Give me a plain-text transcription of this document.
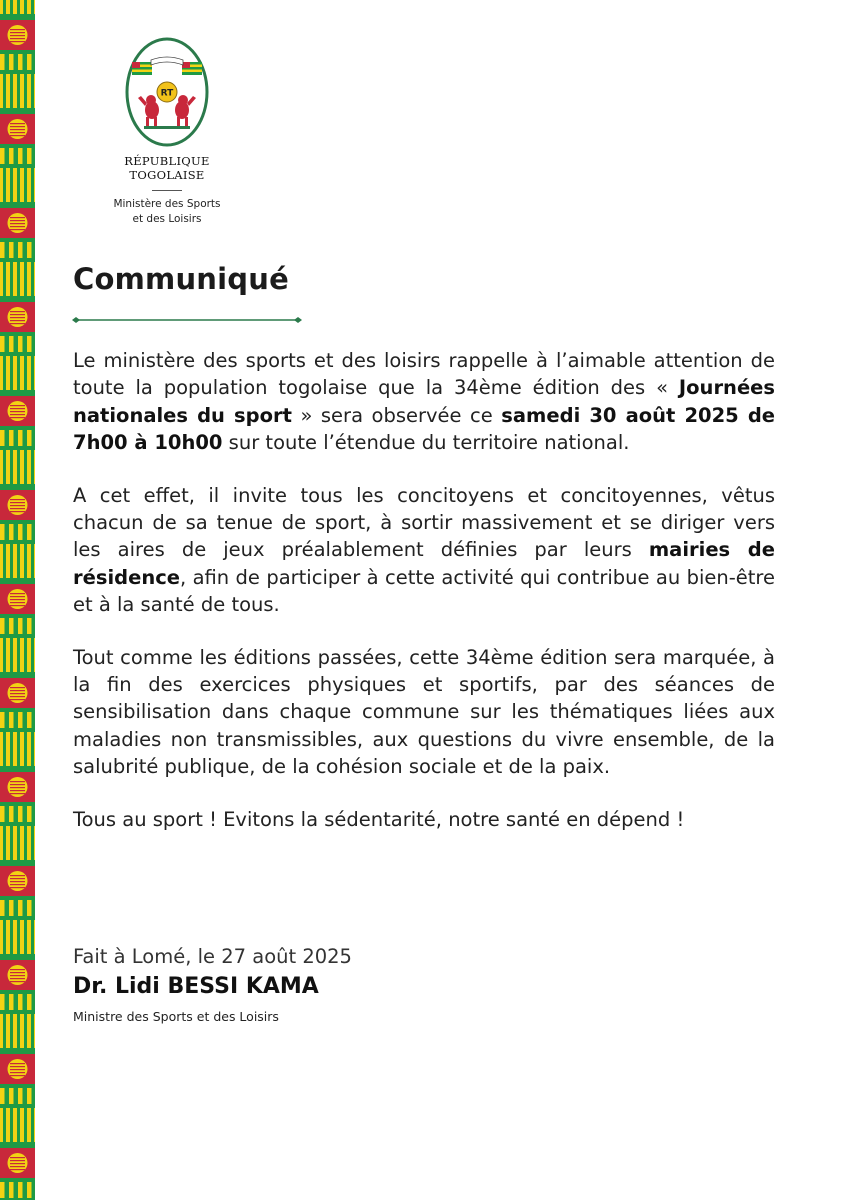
RT
RÉPUBLIQUE TOGOLAISE
Ministère des Sports
et des Loisirs
Communiqué

Le ministère des sports et des loisirs rappelle à l’aimable attention de toute la population togolaise que la 34ème édition des « Journées nationales du sport » sera observée ce samedi 30 août 2025 de 7h00 à 10h00 sur toute l’étendue du territoire national.

A cet effet, il invite tous les concitoyens et concitoyennes, vêtus chacun de sa tenue de sport, à sortir massivement et se diriger vers les aires de jeux préalablement définies par leurs mairies de résidence, afin de participer à cette activité qui contribue au bien-être et à la santé de tous.

Tout comme les éditions passées, cette 34ème édition sera marquée, à la fin des exercices physiques et sportifs, par des séances de sensibilisation dans chaque commune sur les thématiques liées aux maladies non transmissibles, aux questions du vivre ensemble, de la salubrité publique, de la cohésion sociale et de la paix.

Tous au sport ! Evitons la sédentarité, notre santé en dépend !

Fait à Lomé, le 27 août 2025
Dr. Lidi BESSI KAMA
Ministre des Sports et des Loisirs
